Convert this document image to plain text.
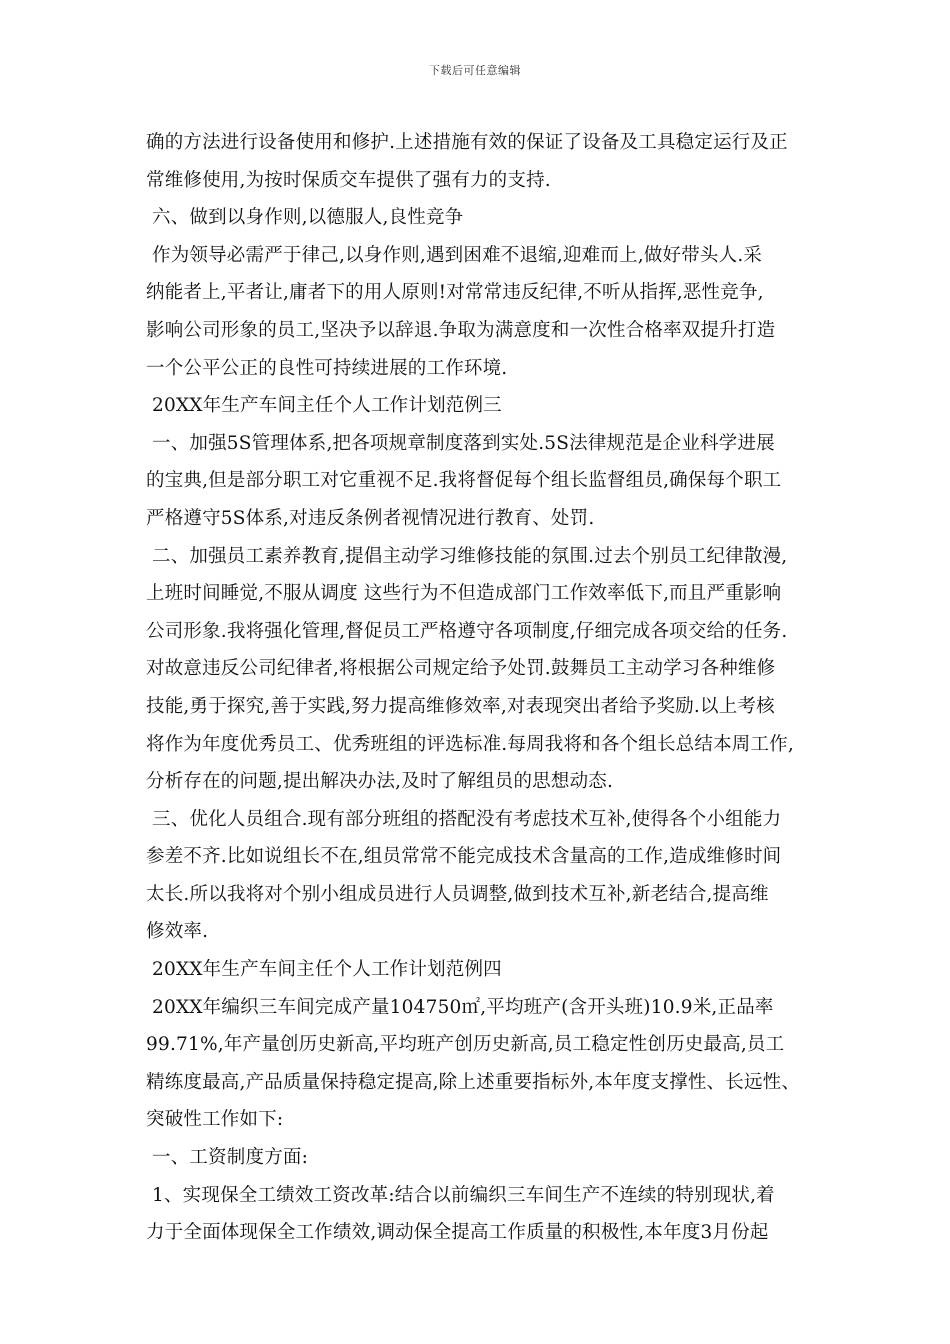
下载后可任意编辑
确的方法进行设备使用和修护.上述措施有效的保证了设备及工具稳定运行及正
常维修使用,为按时保质交车提供了强有力的支持.
六、做到以身作则,以德服人,良性竞争
作为领导必需严于律己,以身作则,遇到困难不退缩,迎难而上,做好带头人.采
纳能者上,平者让,庸者下的用人原则!对常常违反纪律,不听从指挥,恶性竞争,
影响公司形象的员工,坚决予以辞退.争取为满意度和一次性合格率双提升打造
一个公平公正的良性可持续进展的工作环境.
20XX年生产车间主任个人工作计划范例三
一、加强5S管理体系,把各项规章制度落到实处.5S法律规范是企业科学进展
的宝典,但是部分职工对它重视不足.我将督促每个组长监督组员,确保每个职工
严格遵守5S体系,对违反条例者视情况进行教育、处罚.
二、加强员工素养教育,提倡主动学习维修技能的氛围.过去个别员工纪律散漫,
上班时间睡觉,不服从调度 这些行为不但造成部门工作效率低下,而且严重影响
公司形象.我将强化管理,督促员工严格遵守各项制度,仔细完成各项交给的任务.
对故意违反公司纪律者,将根据公司规定给予处罚.鼓舞员工主动学习各种维修
技能,勇于探究,善于实践,努力提高维修效率,对表现突出者给予奖励.以上考核
将作为年度优秀员工、优秀班组的评选标准.每周我将和各个组长总结本周工作,
分析存在的问题,提出解决办法,及时了解组员的思想动态.
三、优化人员组合.现有部分班组的搭配没有考虑技术互补,使得各个小组能力
参差不齐.比如说组长不在,组员常常不能完成技术含量高的工作,造成维修时间
太长.所以我将对个别小组成员进行人员调整,做到技术互补,新老结合,提高维
修效率.
20XX年生产车间主任个人工作计划范例四
20XX年编织三车间完成产量104750㎡,平均班产(含开头班)10.9米,正品率
99.71%,年产量创历史新高,平均班产创历史新高,员工稳定性创历史最高,员工
精练度最高,产品质量保持稳定提高,除上述重要指标外,本年度支撑性、长远性、
突破性工作如下:
一、工资制度方面:
1、实现保全工绩效工资改革:结合以前编织三车间生产不连续的特别现状,着
力于全面体现保全工作绩效,调动保全提高工作质量的积极性,本年度3月份起
